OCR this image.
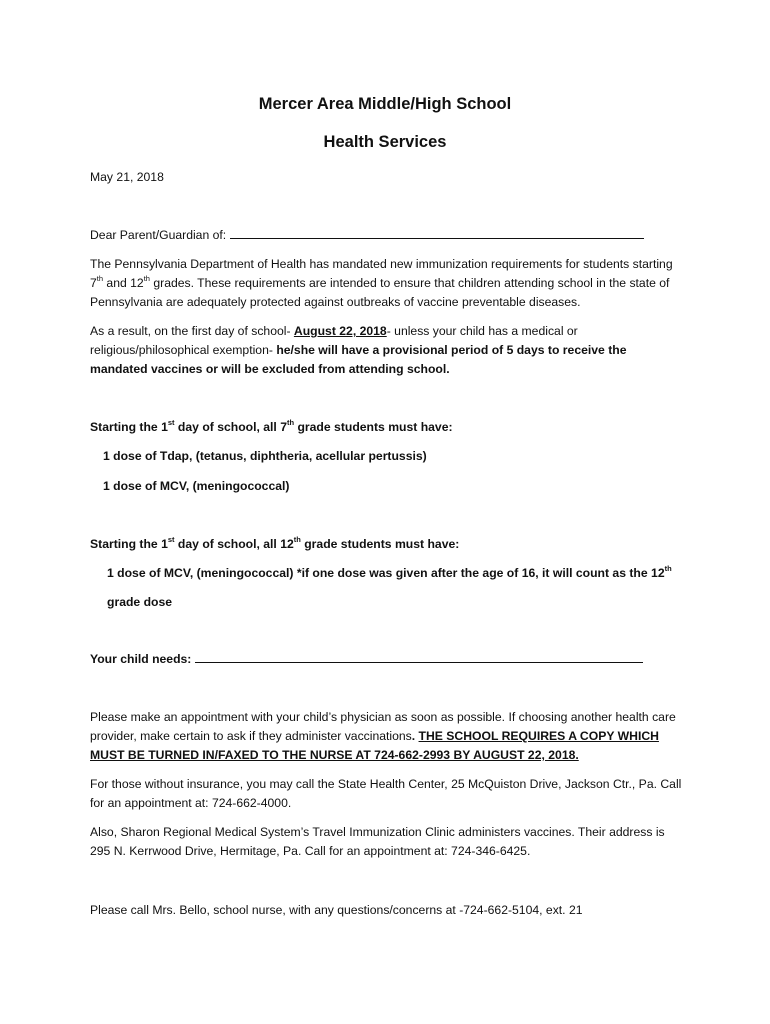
Mercer Area Middle/High School
Health Services
May 21, 2018
Dear Parent/Guardian of:
The Pennsylvania Department of Health has mandated new immunization requirements for students starting 7th and 12th grades. These requirements are intended to ensure that children attending school in the state of Pennsylvania are adequately protected against outbreaks of vaccine preventable diseases.
As a result, on the first day of school- August 22, 2018- unless your child has a medical or religious/philosophical exemption- he/she will have a provisional period of 5 days to receive the mandated vaccines or will be excluded from attending school.
Starting the 1st day of school, all 7th grade students must have:
1 dose of Tdap, (tetanus, diphtheria, acellular pertussis)
1 dose of MCV, (meningococcal)
Starting the 1st day of school, all 12th grade students must have:
1 dose of MCV, (meningococcal) *if one dose was given after the age of 16, it will count as the 12th
grade dose
Your child needs:
Please make an appointment with your child’s physician as soon as possible. If choosing another health care provider, make certain to ask if they administer vaccinations. THE SCHOOL REQUIRES A COPY WHICH MUST BE TURNED IN/FAXED TO THE NURSE AT 724-662-2993 BY AUGUST 22, 2018.
For those without insurance, you may call the State Health Center, 25 McQuiston Drive, Jackson Ctr., Pa. Call for an appointment at: 724-662-4000.
Also, Sharon Regional Medical System’s Travel Immunization Clinic administers vaccines. Their address is 295 N. Kerrwood Drive, Hermitage, Pa. Call for an appointment at: 724-346-6425.
Please call Mrs. Bello, school nurse, with any questions/concerns at -724-662-5104, ext. 21
